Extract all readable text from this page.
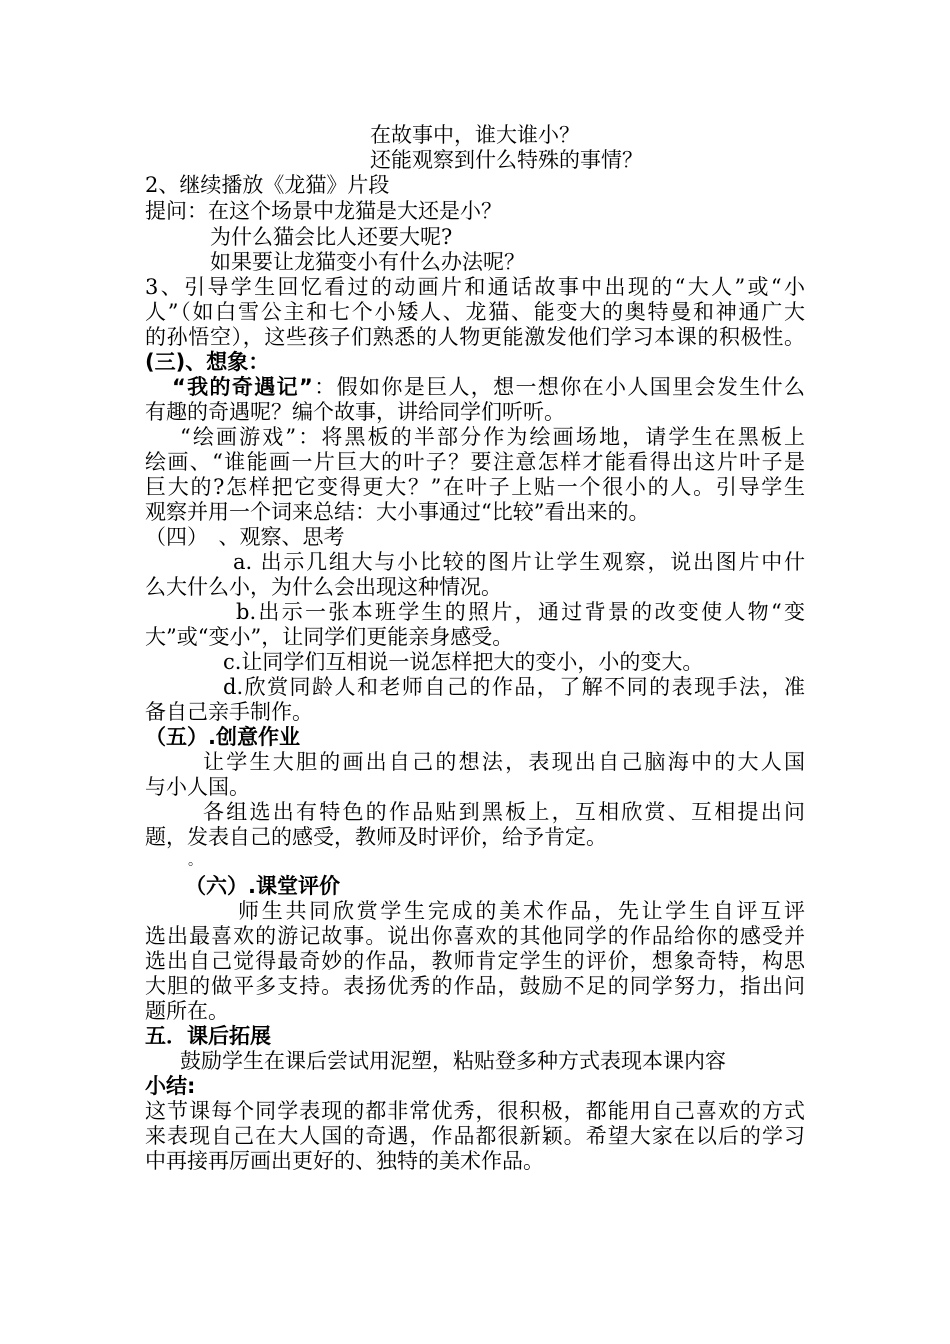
在故事中，谁大谁小？
还能观察到什么特殊的事情？
2、继续播放《龙猫》片段
提问：在这个场景中龙猫是大还是小？
为什么猫会比人还要大呢?
如果要让龙猫变小有什么办法呢？
3、引导学生回忆看过的动画片和通话故事中出现的“大人”或“小
人”（如白雪公主和七个小矮人、龙猫、能变大的奥特曼和神通广大
的孙悟空），这些孩子们熟悉的人物更能激发他们学习本课的积极性。
(三)、想象：
“我的奇遇记”：假如你是巨人，想一想你在小人国里会发生什么
有趣的奇遇呢？编个故事，讲给同学们听听。
“绘画游戏”：将黑板的半部分作为绘画场地，请学生在黑板上
绘画、“谁能画一片巨大的叶子？要注意怎样才能看得出这片叶子是
巨大的?怎样把它变得更大？”在叶子上贴一个很小的人。引导学生
观察并用一个词来总结：大小事通过“比较”看出来的。
（四）　、观察、思考
a. 出示几组大与小比较的图片让学生观察，说出图片中什
么大什么小，为什么会出现这种情况。
b.出示一张本班学生的照片，通过背景的改变使人物“变
大”或“变小”，让同学们更能亲身感受。
c.让同学们互相说一说怎样把大的变小，小的变大。
d.欣赏同龄人和老师自己的作品，了解不同的表现手法，准
备自己亲手制作。
（五）.创意作业
让学生大胆的画出自己的想法，表现出自己脑海中的大人国
与小人国。
各组选出有特色的作品贴到黑板上，互相欣赏、互相提出问
题，发表自己的感受，教师及时评价，给予肯定。
。
（六）.课堂评价
师生共同欣赏学生完成的美术作品，先让学生自评互评
选出最喜欢的游记故事。说出你喜欢的其他同学的作品给你的感受并
选出自己觉得最奇妙的作品，教师肯定学生的评价，想象奇特，构思
大胆的做平多支持。表扬优秀的作品，鼓励不足的同学努力，指出问
题所在。
五．课后拓展
鼓励学生在课后尝试用泥塑，粘贴登多种方式表现本课内容
小结:
这节课每个同学表现的都非常优秀，很积极，都能用自己喜欢的方式
来表现自己在大人国的奇遇，作品都很新颖。希望大家在以后的学习
中再接再厉画出更好的、独特的美术作品。
